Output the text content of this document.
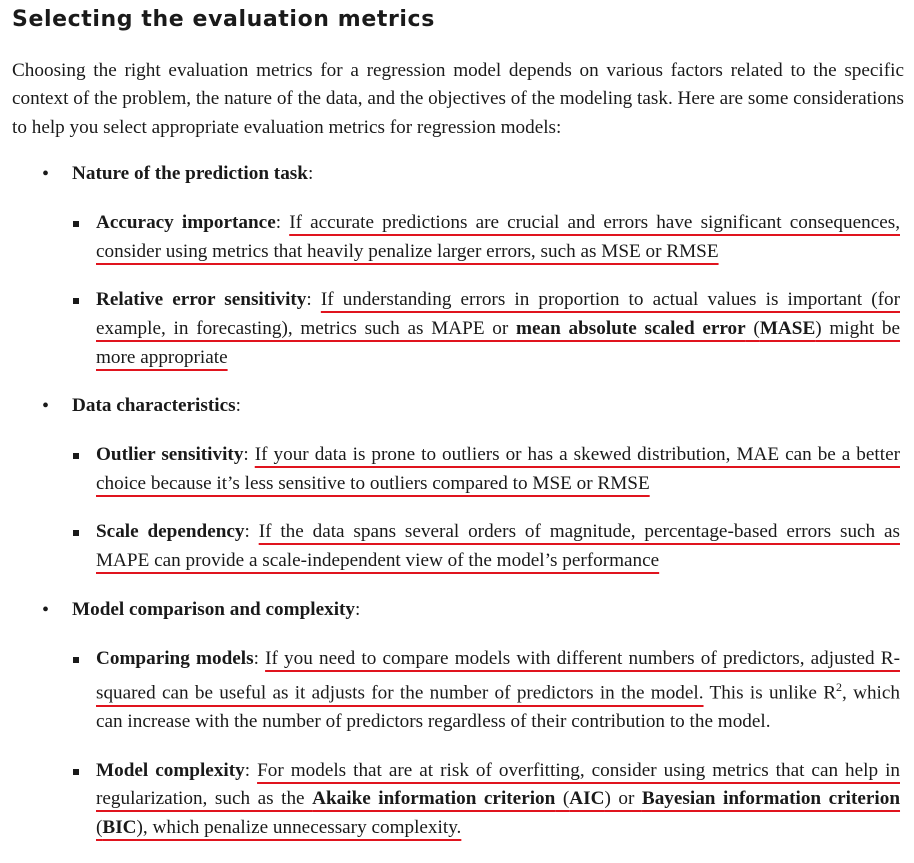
Selecting the evaluation metrics

Choosing the right evaluation metrics for a regression model depends on various factors related to the specific context of the problem, the nature of the data, and the objectives of the modeling task. Here are some considerations to help you select appropriate evaluation metrics for regression models:

• Nature of the prediction task:
Accuracy importance: If accurate predictions are crucial and errors have significant consequences, consider using metrics that heavily penalize larger errors, such as MSE or RMSE
Relative error sensitivity: If understanding errors in proportion to actual values is important (for example, in forecasting), metrics such as MAPE or mean absolute scaled error (MASE) might be more appropriate
• Data characteristics:
Outlier sensitivity: If your data is prone to outliers or has a skewed distribution, MAE can be a better choice because it’s less sensitive to outliers compared to MSE or RMSE
Scale dependency: If the data spans several orders of magnitude, percentage-based errors such as MAPE can provide a scale-independent view of the model’s performance
• Model comparison and complexity:
Comparing models: If you need to compare models with different numbers of predictors, adjusted R-squared can be useful as it adjusts for the number of predictors in the model. This is unlike $R^2$, which can increase with the number of predictors regardless of their contribution to the model.
Model complexity: For models that are at risk of overfitting, consider using metrics that can help in regularization, such as the Akaike information criterion (AIC) or Bayesian information criterion (BIC), which penalize unnecessary complexity.
